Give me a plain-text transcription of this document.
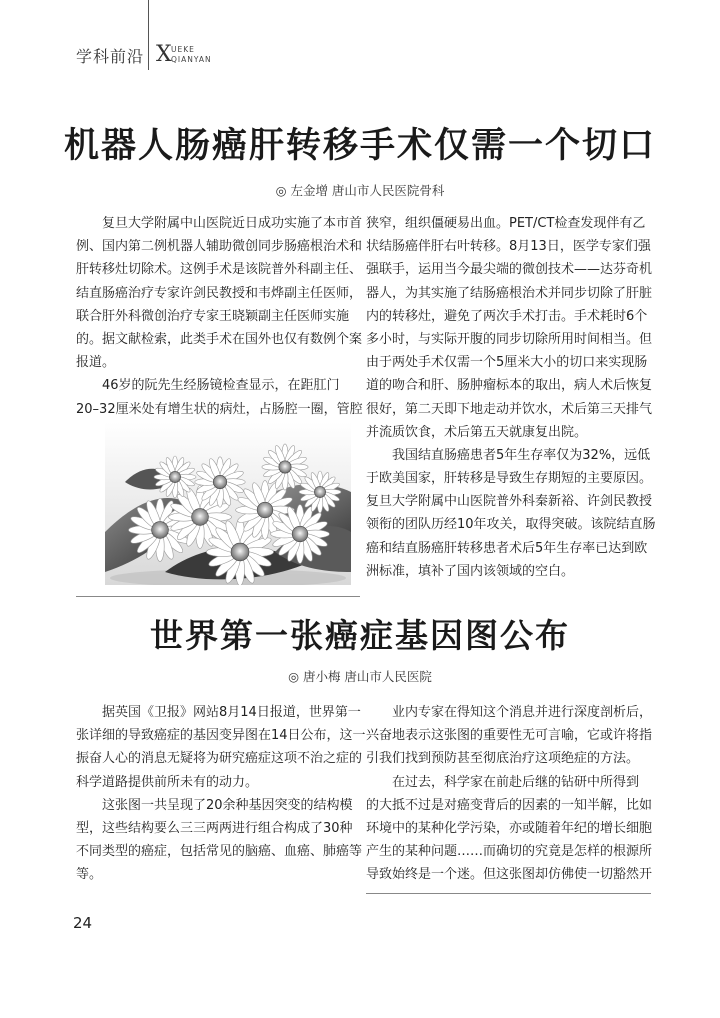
学科前沿 X UEKE
QIANYAN
机器人肠癌肝转移手术仅需一个切口
◎ 左金增 唐山市人民医院骨科
　　复旦大学附属中山医院近日成功实施了本市首
例、国内第二例机器人辅助微创同步肠癌根治术和
肝转移灶切除术。这例手术是该院普外科副主任、
结直肠癌治疗专家许剑民教授和韦烨副主任医师，
联合肝外科微创治疗专家王晓颖副主任医师实施
的。据文献检索，此类手术在国外也仅有数例个案
报道。
　　46岁的阮先生经肠镜检查显示，在距肛门
20–32厘米处有增生状的病灶，占肠腔一圈，管腔
狭窄，组织僵硬易出血。PET/CT检查发现伴有乙
状结肠癌伴肝右叶转移。8月13日，医学专家们强
强联手，运用当今最尖端的微创技术——达芬奇机
器人，为其实施了结肠癌根治术并同步切除了肝脏
内的转移灶，避免了两次手术打击。手术耗时6个
多小时，与实际开腹的同步切除所用时间相当。但
由于两处手术仅需一个5厘米大小的切口来实现肠
道的吻合和肝、肠肿瘤标本的取出，病人术后恢复
很好，第二天即下地走动并饮水，术后第三天排气
并流质饮食，术后第五天就康复出院。
　　我国结直肠癌患者5年生存率仅为32%，远低
于欧美国家，肝转移是导致生存期短的主要原因。
复旦大学附属中山医院普外科秦新裕、许剑民教授
领衔的团队历经10年攻关，取得突破。该院结直肠
癌和结直肠癌肝转移患者术后5年生存率已达到欧
洲标准，填补了国内该领域的空白。
世界第一张癌症基因图公布
◎ 唐小梅 唐山市人民医院
　　据英国《卫报》网站8月14日报道，世界第一
张详细的导致癌症的基因变异图在14日公布，这一
振奋人心的消息无疑将为研究癌症这项不治之症的
科学道路提供前所未有的动力。
　　这张图一共呈现了20余种基因突变的结构模
型，这些结构要么三三两两进行组合构成了30种
不同类型的癌症，包括常见的脑癌、血癌、肺癌等
等。
　　业内专家在得知这个消息并进行深度剖析后，
兴奋地表示这张图的重要性无可言喻，它或许将指
引我们找到预防甚至彻底治疗这项绝症的方法。
　　在过去，科学家在前赴后继的钻研中所得到
的大抵不过是对癌变背后的因素的一知半解，比如
环境中的某种化学污染，亦或随着年纪的增长细胞
产生的某种问题……而确切的究竟是怎样的根源所
导致始终是一个迷。但这张图却仿佛使一切豁然开
24
